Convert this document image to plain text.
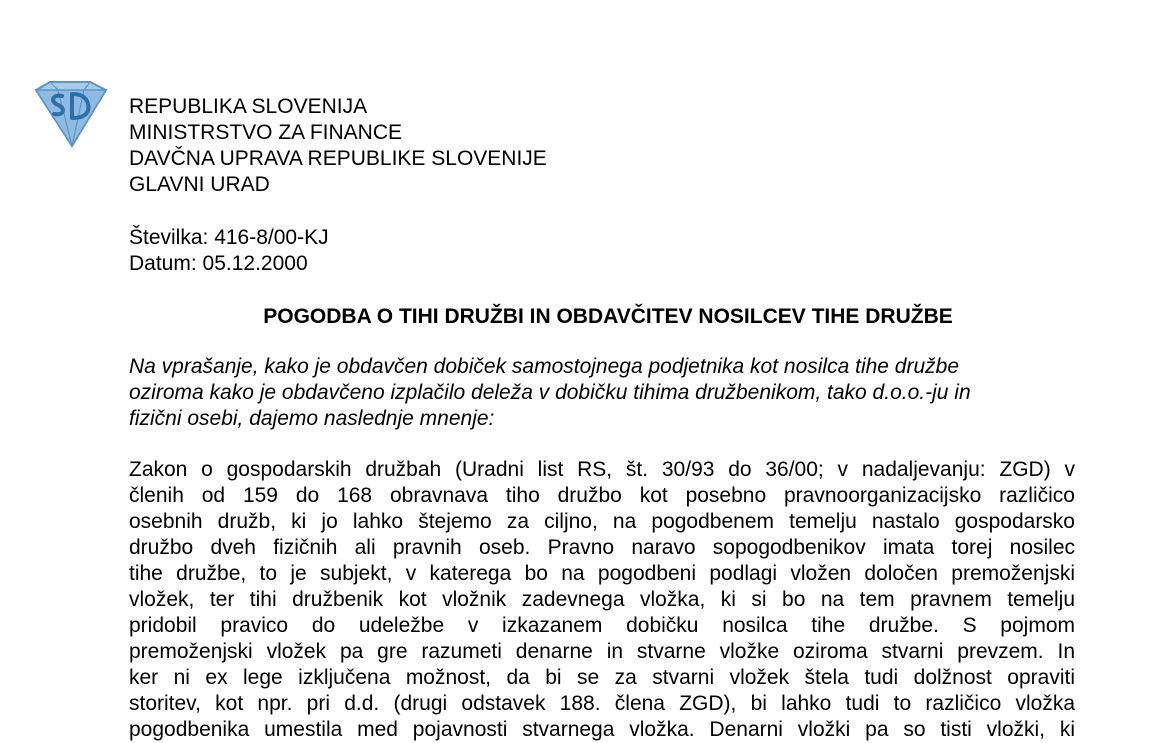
REPUBLIKA SLOVENIJA
MINISTRSTVO ZA FINANCE
DAVČNA UPRAVA REPUBLIKE SLOVENIJE
GLAVNI URAD
Številka: 416-8/00-KJ
Datum: 05.12.2000
POGODBA O TIHI DRUŽBI IN OBDAVČITEV NOSILCEV TIHE DRUŽBE
Na vprašanje, kako je obdavčen dobiček samostojnega podjetnika kot nosilca tihe družbe
oziroma kako je obdavčeno izplačilo deleža v dobičku tihima družbenikom, tako d.o.o.-ju in
fizični osebi, dajemo naslednje mnenje:
Zakon o gospodarskih družbah (Uradni list RS, št. 30/93 do 36/00; v nadaljevanju: ZGD) v
členih od 159 do 168 obravnava tiho družbo kot posebno pravnoorganizacijsko različico
osebnih družb, ki jo lahko štejemo za ciljno, na pogodbenem temelju nastalo gospodarsko
družbo dveh fizičnih ali pravnih oseb. Pravno naravo sopogodbenikov imata torej nosilec
tihe družbe, to je subjekt, v katerega bo na pogodbeni podlagi vložen določen premoženjski
vložek, ter tihi družbenik kot vložnik zadevnega vložka, ki si bo na tem pravnem temelju
pridobil pravico do udeležbe v izkazanem dobičku nosilca tihe družbe. S pojmom
premoženjski vložek pa gre razumeti denarne in stvarne vložke oziroma stvarni prevzem. In
ker ni ex lege izključena možnost, da bi se za stvarni vložek štela tudi dolžnost opraviti
storitev, kot npr. pri d.d. (drugi odstavek 188. člena ZGD), bi lahko tudi to različico vložka
pogodbenika umestila med pojavnosti stvarnega vložka. Denarni vložki pa so tisti vložki, ki
